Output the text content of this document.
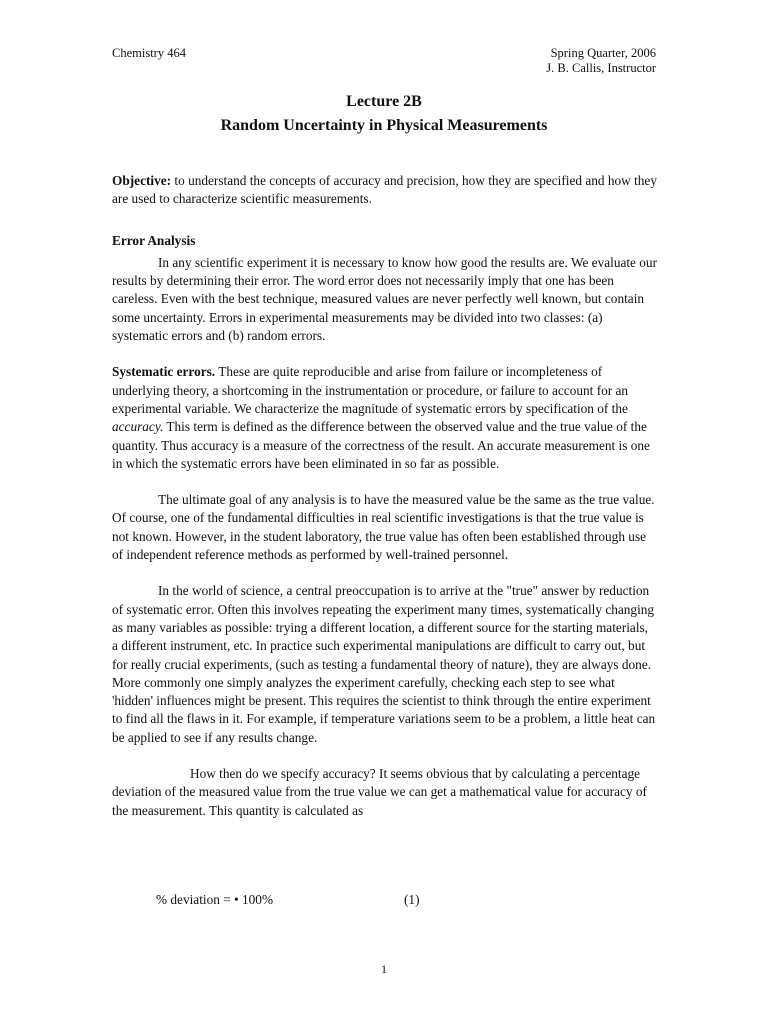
Chemistry 464	Spring Quarter, 2006
J. B. Callis, Instructor
Lecture 2B
Random Uncertainty in Physical Measurements

Objective: to understand the concepts of accuracy and precision, how they are specified and how they are used to characterize scientific measurements.

Error Analysis

In any scientific experiment it is necessary to know how good the results are. We evaluate our results by determining their error. The word error does not necessarily imply that one has been careless. Even with the best technique, measured values are never perfectly well known, but contain some uncertainty. Errors in experimental measurements may be divided into two classes: (a) systematic errors and (b) random errors.

Systematic errors. These are quite reproducible and arise from failure or incompleteness of underlying theory, a shortcoming in the instrumentation or procedure, or failure to account for an experimental variable. We characterize the magnitude of systematic errors by specification of the accuracy. This term is defined as the difference between the observed value and the true value of the quantity. Thus accuracy is a measure of the correctness of the result. An accurate measurement is one in which the systematic errors have been eliminated in so far as possible.

The ultimate goal of any analysis is to have the measured value be the same as the true value. Of course, one of the fundamental difficulties in real scientific investigations is that the true value is not known. However, in the student laboratory, the true value has often been established through use of independent reference methods as performed by well-trained personnel.

In the world of science, a central preoccupation is to arrive at the "true" answer by reduction of systematic error. Often this involves repeating the experiment many times, systematically changing as many variables as possible: trying a different location, a different source for the starting materials, a different instrument, etc. In practice such experimental manipulations are difficult to carry out, but for really crucial experiments, (such as testing a fundamental theory of nature), they are always done. More commonly one simply analyzes the experiment carefully, checking each step to see what 'hidden' influences might be present. This requires the scientist to think through the entire experiment to find all the flaws in it. For example, if temperature variations seem to be a problem, a little heat can be applied to see if any results change.

How then do we specify accuracy? It seems obvious that by calculating a percentage deviation of the measured value from the true value we can get a mathematical value for accuracy of the measurement. This quantity is calculated as

% deviation = • 100%	(1)
1
